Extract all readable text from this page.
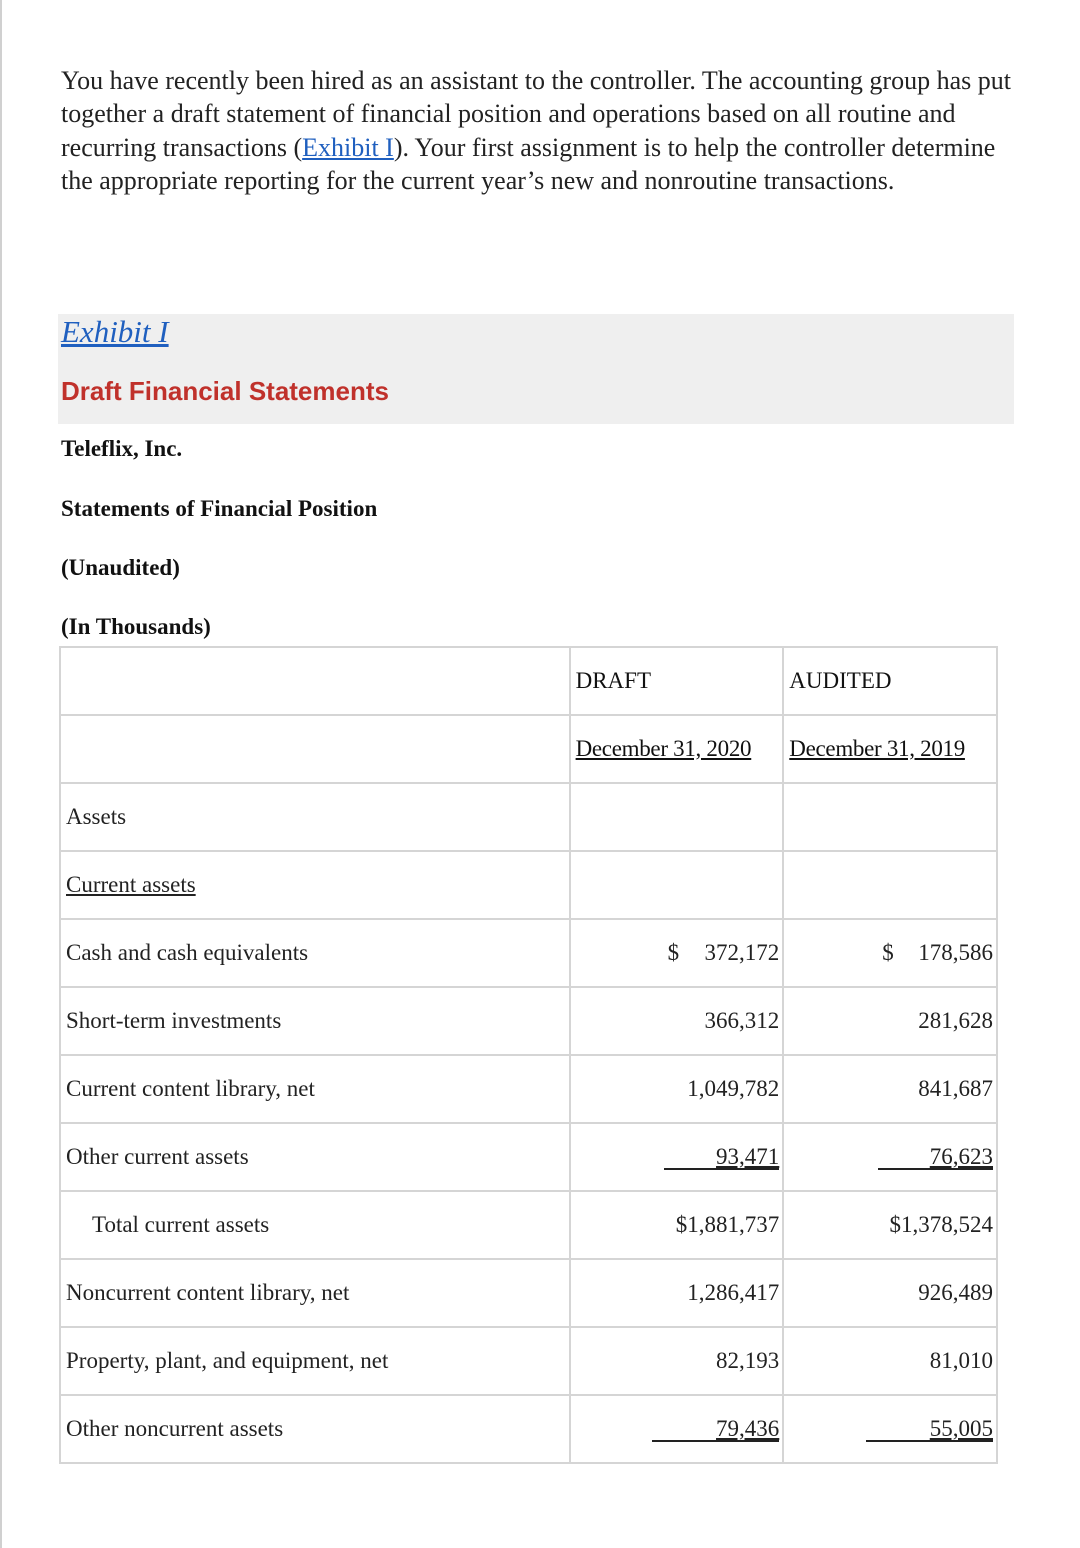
You have recently been hired as an assistant to the controller. The accounting group has put together a draft statement of financial position and operations based on all routine and recurring transactions (Exhibit I). Your first assignment is to help the controller determine the appropriate reporting for the current year’s new and nonroutine transactions.
Exhibit I
Draft Financial Statements
Teleflix, Inc.
Statements of Financial Position
(Unaudited)
(In Thousands)
	DRAFT	AUDITED
	December 31, 2020	December 31, 2019
Assets		
Current assets		
Cash and cash equivalents	$ 372,172	$ 178,586
Short-term investments	366,312	281,628
Current content library, net	1,049,782	841,687
Other current assets	93,471	76,623
Total current assets	$1,881,737	$1,378,524
Noncurrent content library, net	1,286,417	926,489
Property, plant, and equipment, net	82,193	81,010
Other noncurrent assets	79,436	55,005
